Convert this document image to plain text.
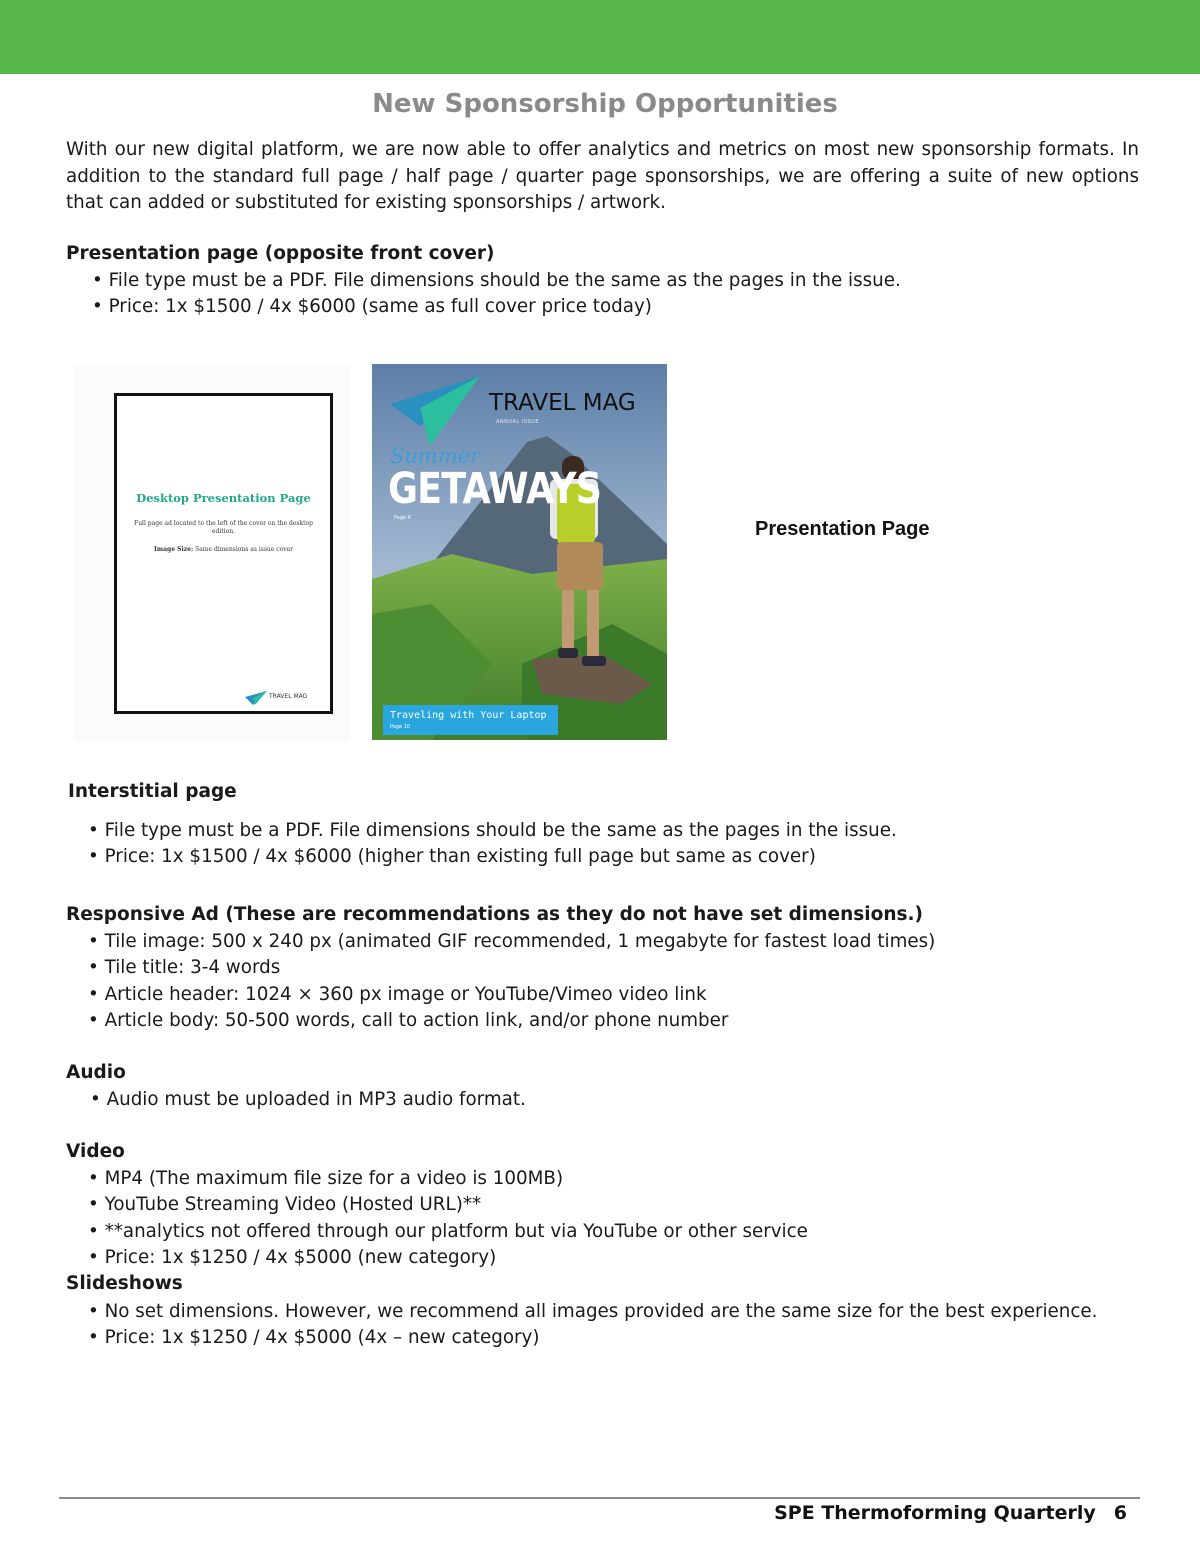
New Sponsorship Opportunities

With our new digital platform, we are now able to offer analytics and metrics on most new sponsorship formats. In addition to the standard full page / half page / quarter page sponsorships, we are offering a suite of new options that can added or substituted for existing sponsorships / artwork.

Presentation page (opposite front cover)
• File type must be a PDF. File dimensions should be the same as the pages in the issue.
• Price: 1x $1500 / 4x $6000 (same as full cover price today)
Desktop Presentation Page
Full page ad located to the left of the cover on the desktop edition.
Image Size: Same dimensions as issue cover
TRAVEL MAG
TRAVEL MAG
ANNUAL ISSUE
Summer
GETAWAYS
Page 6
Traveling with Your Laptop
Page 10
Presentation Page
Interstitial page
• File type must be a PDF. File dimensions should be the same as the pages in the issue.
• Price: 1x $1500 / 4x $6000 (higher than existing full page but same as cover)
Responsive Ad (These are recommendations as they do not have set dimensions.)
• Tile image: 500 x 240 px (animated GIF recommended, 1 megabyte for fastest load times)
• Tile title: 3-4 words
• Article header: 1024 × 360 px image or YouTube/Vimeo video link
• Article body: 50-500 words, call to action link, and/or phone number
Audio
• Audio must be uploaded in MP3 audio format.
Video
• MP4 (The maximum file size for a video is 100MB)
• YouTube Streaming Video (Hosted URL)**
• **analytics not offered through our platform but via YouTube or other service
• Price: 1x $1250 / 4x $5000 (new category)
Slideshows
• No set dimensions. However, we recommend all images provided are the same size for the best experience.
• Price: 1x $1250 / 4x $5000 (4x – new category)
SPE Thermoforming Quarterly 6
